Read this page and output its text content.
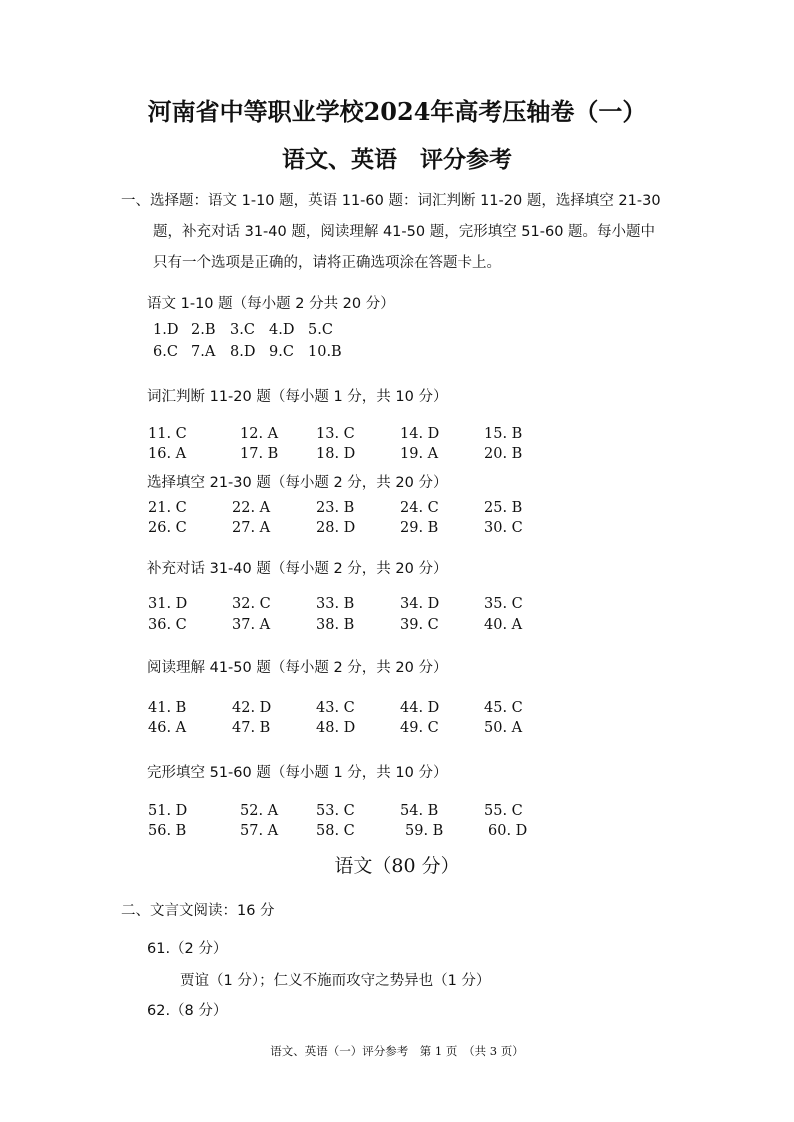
河南省中等职业学校2024年高考压轴卷（一）
语文、英语　评分参考
一、选择题：语文 1-10 题，英语 11-60 题：词汇判断 11-20 题，选择填空 21-30
题，补充对话 31-40 题，阅读理解 41-50 题，完形填空 51-60 题。每小题中
只有一个选项是正确的，请将正确选项涂在答题卡上。
语文 1-10 题（每小题 2 分共 20 分）
1.D 2.B 3.C 4.D 5.C
6.C 7.A 8.D 9.C 10.B
词汇判断 11-20 题（每小题 1 分，共 10 分）
11. C	12. A	13. C	14. D	15. B
16. A	17. B	18. D	19. A	20. B
选择填空 21-30 题（每小题 2 分，共 20 分）
21. C	22. A	23. B	24. C	25. B
26. C	27. A	28. D	29. B	30. C
补充对话 31-40 题（每小题 2 分，共 20 分）
31. D	32. C	33. B	34. D	35. C
36. C	37. A	38. B	39. C	40. A
阅读理解 41-50 题（每小题 2 分，共 20 分）
41. B	42. D	43. C	44. D	45. C
46. A	47. B	48. D	49. C	50. A
完形填空 51-60 题（每小题 1 分，共 10 分）
51. D	52. A	53. C	54. B	55. C
56. B	57. A	58. C	59. B	60. D
语文（80 分）
二、文言文阅读：16 分
61.（2 分）
贾谊（1 分）；仁义不施而攻守之势异也（1 分）
62.（8 分）
语文、英语（一）评分参考　第 1 页　（共 3 页）
